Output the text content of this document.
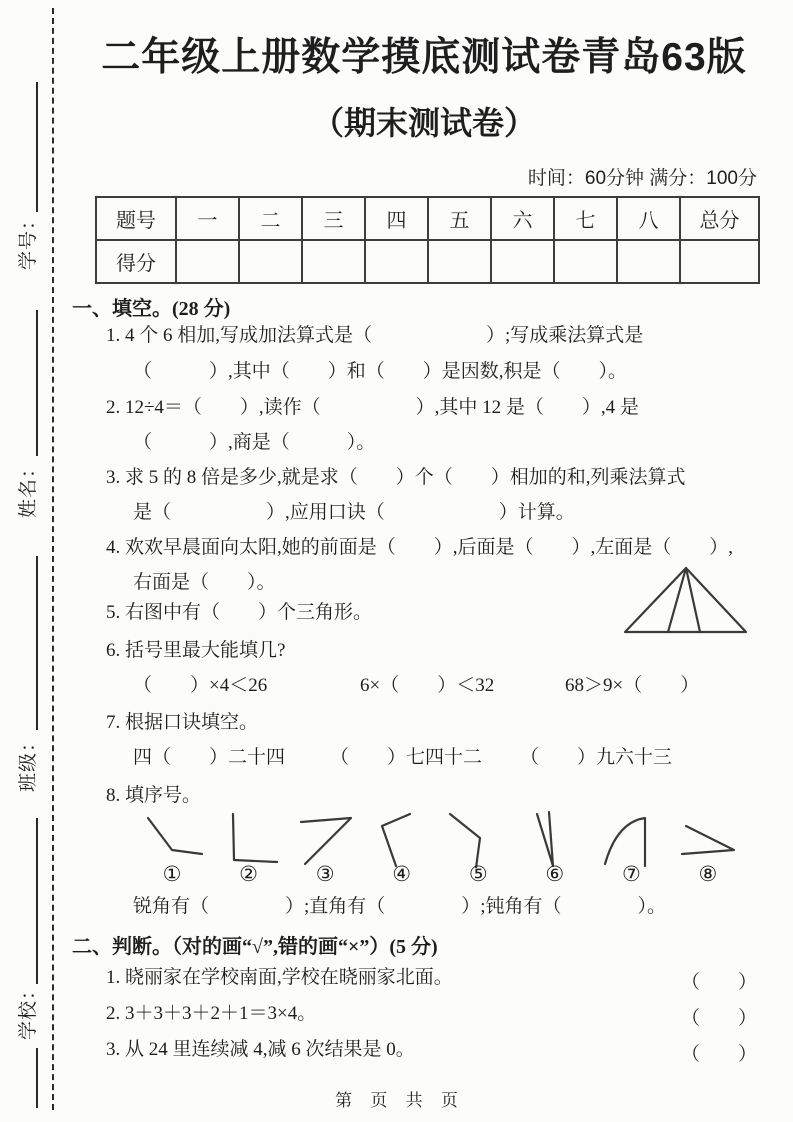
学号：
姓名：
班级：
学校：
二年级上册数学摸底测试卷青岛63版
（期末测试卷）
时间：60分钟 满分：100分
题号	一	二	三	四	五	六	七	八	总分
得分									
一、填空。(28 分)
1. 4 个 6 相加,写成加法算式是（　　　　　　）;写成乘法算式是
（　　　）,其中（　　）和（　　）是因数,积是（　　）。
2. 12÷4＝（　　）,读作（　　　　　）,其中 12 是（　　）,4 是
（　　　）,商是（　　　）。
3. 求 5 的 8 倍是多少,就是求（　　）个（　　）相加的和,列乘法算式
是（　　　　　）,应用口诀（　　　　　　）计算。
4. 欢欢早晨面向太阳,她的前面是（　　）,后面是（　　）,左面是（　　）,
右面是（　　）。
5. 右图中有（　　）个三角形。
6. 括号里最大能填几?
（　　）×4＜26	6×（　　）＜32	68＞9×（　　）
7. 根据口诀填空。
四（　　）二十四 （　　）七四十二 （　　）九六十三
8. 填序号。
①	②	③	④	⑤	⑥	⑦	⑧
锐角有（　　　　）;直角有（　　　　）;钝角有（　　　　）。
二、判断。（对的画“√”,错的画“×”）(5 分)
1. 晓丽家在学校南面,学校在晓丽家北面。	（　　）
2. 3＋3＋3＋2＋1＝3×4。	（　　）
3. 从 24 里连续减 4,减 6 次结果是 0。	（　　）
第 页 共 页
